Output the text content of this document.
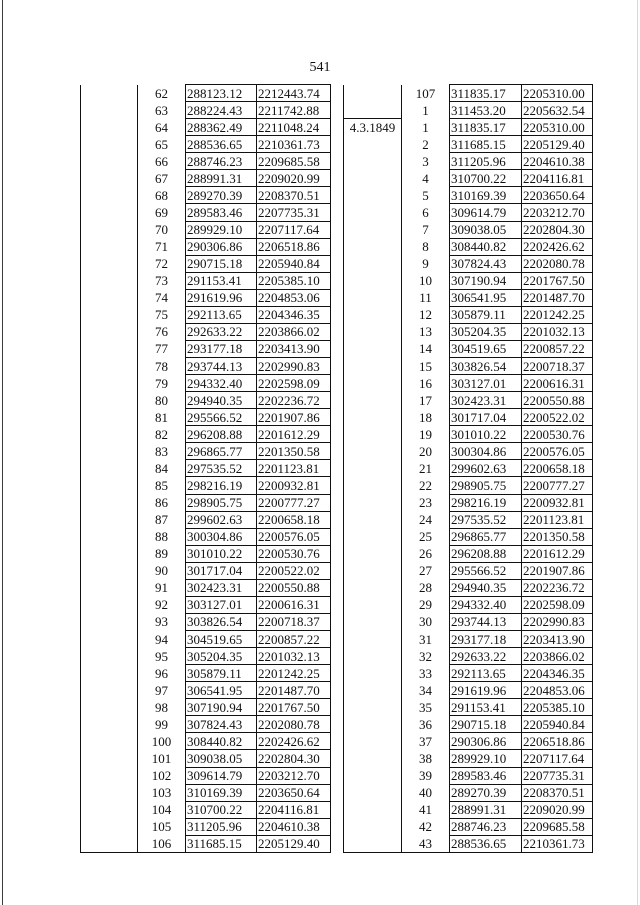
541
	62	288123.12	2212443.74
	63	288224.43	2211742.88
	64	288362.49	2211048.24
	65	288536.65	2210361.73
	66	288746.23	2209685.58
	67	288991.31	2209020.99
	68	289270.39	2208370.51
	69	289583.46	2207735.31
	70	289929.10	2207117.64
	71	290306.86	2206518.86
	72	290715.18	2205940.84
	73	291153.41	2205385.10
	74	291619.96	2204853.06
	75	292113.65	2204346.35
	76	292633.22	2203866.02
	77	293177.18	2203413.90
	78	293744.13	2202990.83
	79	294332.40	2202598.09
	80	294940.35	2202236.72
	81	295566.52	2201907.86
	82	296208.88	2201612.29
	83	296865.77	2201350.58
	84	297535.52	2201123.81
	85	298216.19	2200932.81
	86	298905.75	2200777.27
	87	299602.63	2200658.18
	88	300304.86	2200576.05
	89	301010.22	2200530.76
	90	301717.04	2200522.02
	91	302423.31	2200550.88
	92	303127.01	2200616.31
	93	303826.54	2200718.37
	94	304519.65	2200857.22
	95	305204.35	2201032.13
	96	305879.11	2201242.25
	97	306541.95	2201487.70
	98	307190.94	2201767.50
	99	307824.43	2202080.78
	100	308440.82	2202426.62
	101	309038.05	2202804.30
	102	309614.79	2203212.70
	103	310169.39	2203650.64
	104	310700.22	2204116.81
	105	311205.96	2204610.38
	106	311685.15	2205129.40
	107	311835.17	2205310.00
	1	311453.20	2205632.54
4.3.1849	1	311835.17	2205310.00
	2	311685.15	2205129.40
	3	311205.96	2204610.38
	4	310700.22	2204116.81
	5	310169.39	2203650.64
	6	309614.79	2203212.70
	7	309038.05	2202804.30
	8	308440.82	2202426.62
	9	307824.43	2202080.78
	10	307190.94	2201767.50
	11	306541.95	2201487.70
	12	305879.11	2201242.25
	13	305204.35	2201032.13
	14	304519.65	2200857.22
	15	303826.54	2200718.37
	16	303127.01	2200616.31
	17	302423.31	2200550.88
	18	301717.04	2200522.02
	19	301010.22	2200530.76
	20	300304.86	2200576.05
	21	299602.63	2200658.18
	22	298905.75	2200777.27
	23	298216.19	2200932.81
	24	297535.52	2201123.81
	25	296865.77	2201350.58
	26	296208.88	2201612.29
	27	295566.52	2201907.86
	28	294940.35	2202236.72
	29	294332.40	2202598.09
	30	293744.13	2202990.83
	31	293177.18	2203413.90
	32	292633.22	2203866.02
	33	292113.65	2204346.35
	34	291619.96	2204853.06
	35	291153.41	2205385.10
	36	290715.18	2205940.84
	37	290306.86	2206518.86
	38	289929.10	2207117.64
	39	289583.46	2207735.31
	40	289270.39	2208370.51
	41	288991.31	2209020.99
	42	288746.23	2209685.58
	43	288536.65	2210361.73
